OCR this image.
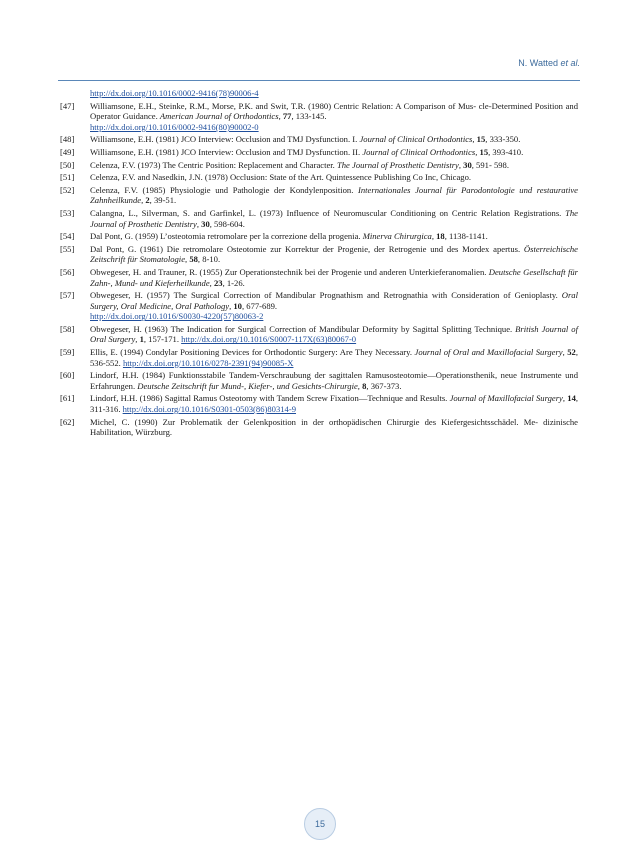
N. Watted et al.
http://dx.doi.org/10.1016/0002-9416(78)90006-4
[47] Williamsone, E.H., Steinke, R.M., Morse, P.K. and Swit, T.R. (1980) Centric Relation: A Comparison of Mus- cle-Determined Position and Operator Guidance. American Journal of Orthodontics, 77, 133-145.
http://dx.doi.org/10.1016/0002-9416(80)90002-0
[48] Williamsone, E.H. (1981) JCO Interview: Occlusion and TMJ Dysfunction. I. Journal of Clinical Orthodontics, 15, 333-350.
[49] Williamsone, E.H. (1981) JCO Interview: Occlusion and TMJ Dysfunction. II. Journal of Clinical Orthodontics, 15, 393-410.
[50] Celenza, F.V. (1973) The Centric Position: Replacement and Character. The Journal of Prosthetic Dentistry, 30, 591- 598.
[51] Celenza, F.V. and Nasedkin, J.N. (1978) Occlusion: State of the Art. Quintessence Publishing Co Inc, Chicago.
[52] Celenza, F.V. (1985) Physiologie und Pathologie der Kondylenposition. Internationales Journal für Parodontologie und restaurative Zahnheilkunde, 2, 39-51.
[53] Calangna, L., Silverman, S. and Garfinkel, L. (1973) Influence of Neuromuscular Conditioning on Centric Relation Registrations. The Journal of Prosthetic Dentistry, 30, 598-604.
[54] Dal Pont, G. (1959) L’osteotomia retromolare per la correzione della progenia. Minerva Chirurgica, 18, 1138-1141.
[55] Dal Pont, G. (1961) Die retromolare Osteotomie zur Korrektur der Progenie, der Retrogenie und des Mordex apertus. Österreichische Zeitschrift für Stomatologie, 58, 8-10.
[56] Obwegeser, H. and Trauner, R. (1955) Zur Operationstechnik bei der Progenie und anderen Unterkieferanomalien. Deutsche Gesellschaft für Zahn-, Mund- und Kieferheilkunde, 23, 1-26.
[57] Obwegeser, H. (1957) The Surgical Correction of Mandibular Prognathism and Retrognathia with Consideration of Genioplasty. Oral Surgery, Oral Medicine, Oral Pathology, 10, 677-689.
http://dx.doi.org/10.1016/S0030-4220(57)80063-2
[58] Obwegeser, H. (1963) The Indication for Surgical Correction of Mandibular Deformity by Sagittal Splitting Technique. British Journal of Oral Surgery, 1, 157-171. http://dx.doi.org/10.1016/S0007-117X(63)80067-0
[59] Ellis, E. (1994) Condylar Positioning Devices for Orthodontic Surgery: Are They Necessary. Journal of Oral and Maxillofacial Surgery, 52, 536-552. http://dx.doi.org/10.1016/0278-2391(94)90085-X
[60] Lindorf, H.H. (1984) Funktionsstabile Tandem-Verschraubung der sagittalen Ramusosteotomie—Operationsthenik, neue Instrumente und Erfahrungen. Deutsche Zeitschrift fur Mund-, Kiefer-, und Gesichts-Chirurgie, 8, 367-373.
[61] Lindorf, H.H. (1986) Sagittal Ramus Osteotomy with Tandem Screw Fixation—Technique and Results. Journal of Maxillofacial Surgery, 14, 311-316. http://dx.doi.org/10.1016/S0301-0503(86)80314-9
[62] Michel, C. (1990) Zur Problematik der Gelenkposition in der orthopädischen Chirurgie des Kiefergesichtsschädel. Me- dizinische Habilitation, Würzburg.
15
